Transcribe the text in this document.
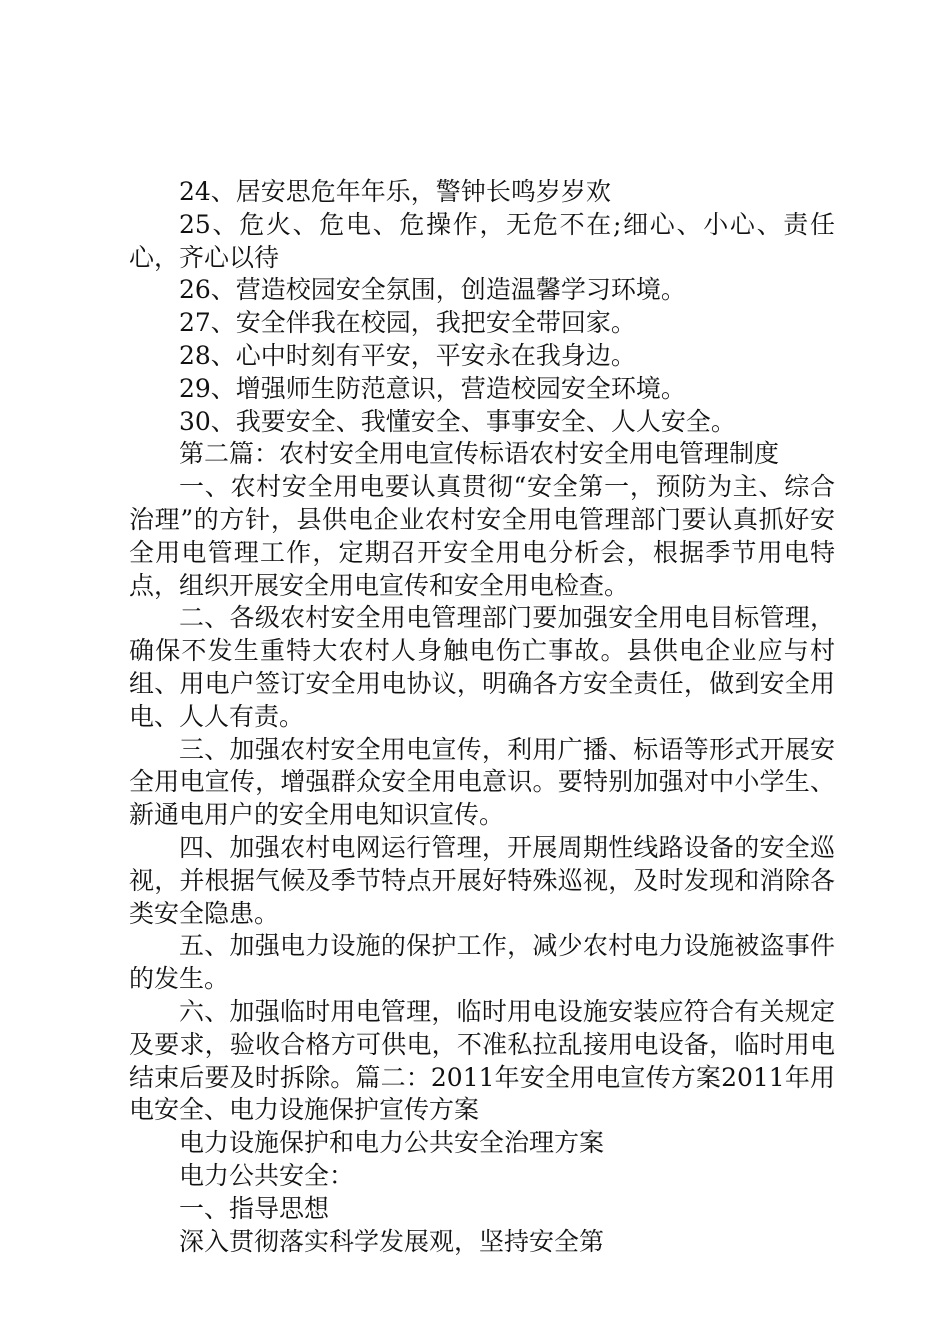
24、居安思危年年乐，警钟长鸣岁岁欢

25、危火、危电、危操作，无危不在;细心、小心、责任心，齐心以待

26、营造校园安全氛围，创造温馨学习环境。

27、安全伴我在校园，我把安全带回家。

28、心中时刻有平安，平安永在我身边。

29、增强师生防范意识，营造校园安全环境。

30、我要安全、我懂安全、事事安全、人人安全。

第二篇：农村安全用电宣传标语农村安全用电管理制度

一、农村安全用电要认真贯彻“安全第一，预防为主、综合治理”的方针，县供电企业农村安全用电管理部门要认真抓好安全用电管理工作，定期召开安全用电分析会，根据季节用电特点，组织开展安全用电宣传和安全用电检查。

二、各级农村安全用电管理部门要加强安全用电目标管理，确保不发生重特大农村人身触电伤亡事故。县供电企业应与村组、用电户签订安全用电协议，明确各方安全责任，做到安全用电、人人有责。

三、加强农村安全用电宣传，利用广播、标语等形式开展安全用电宣传，增强群众安全用电意识。要特别加强对中小学生、新通电用户的安全用电知识宣传。

四、加强农村电网运行管理，开展周期性线路设备的安全巡视，并根据气候及季节特点开展好特殊巡视，及时发现和消除各类安全隐患。

五、加强电力设施的保护工作，减少农村电力设施被盗事件的发生。

六、加强临时用电管理，临时用电设施安装应符合有关规定及要求，验收合格方可供电，不准私拉乱接用电设备，临时用电结束后要及时拆除。篇二：2011年安全用电宣传方案2011年用电安全、电力设施保护宣传方案

电力设施保护和电力公共安全治理方案

电力公共安全：

一、指导思想

深入贯彻落实科学发展观，坚持安全第
